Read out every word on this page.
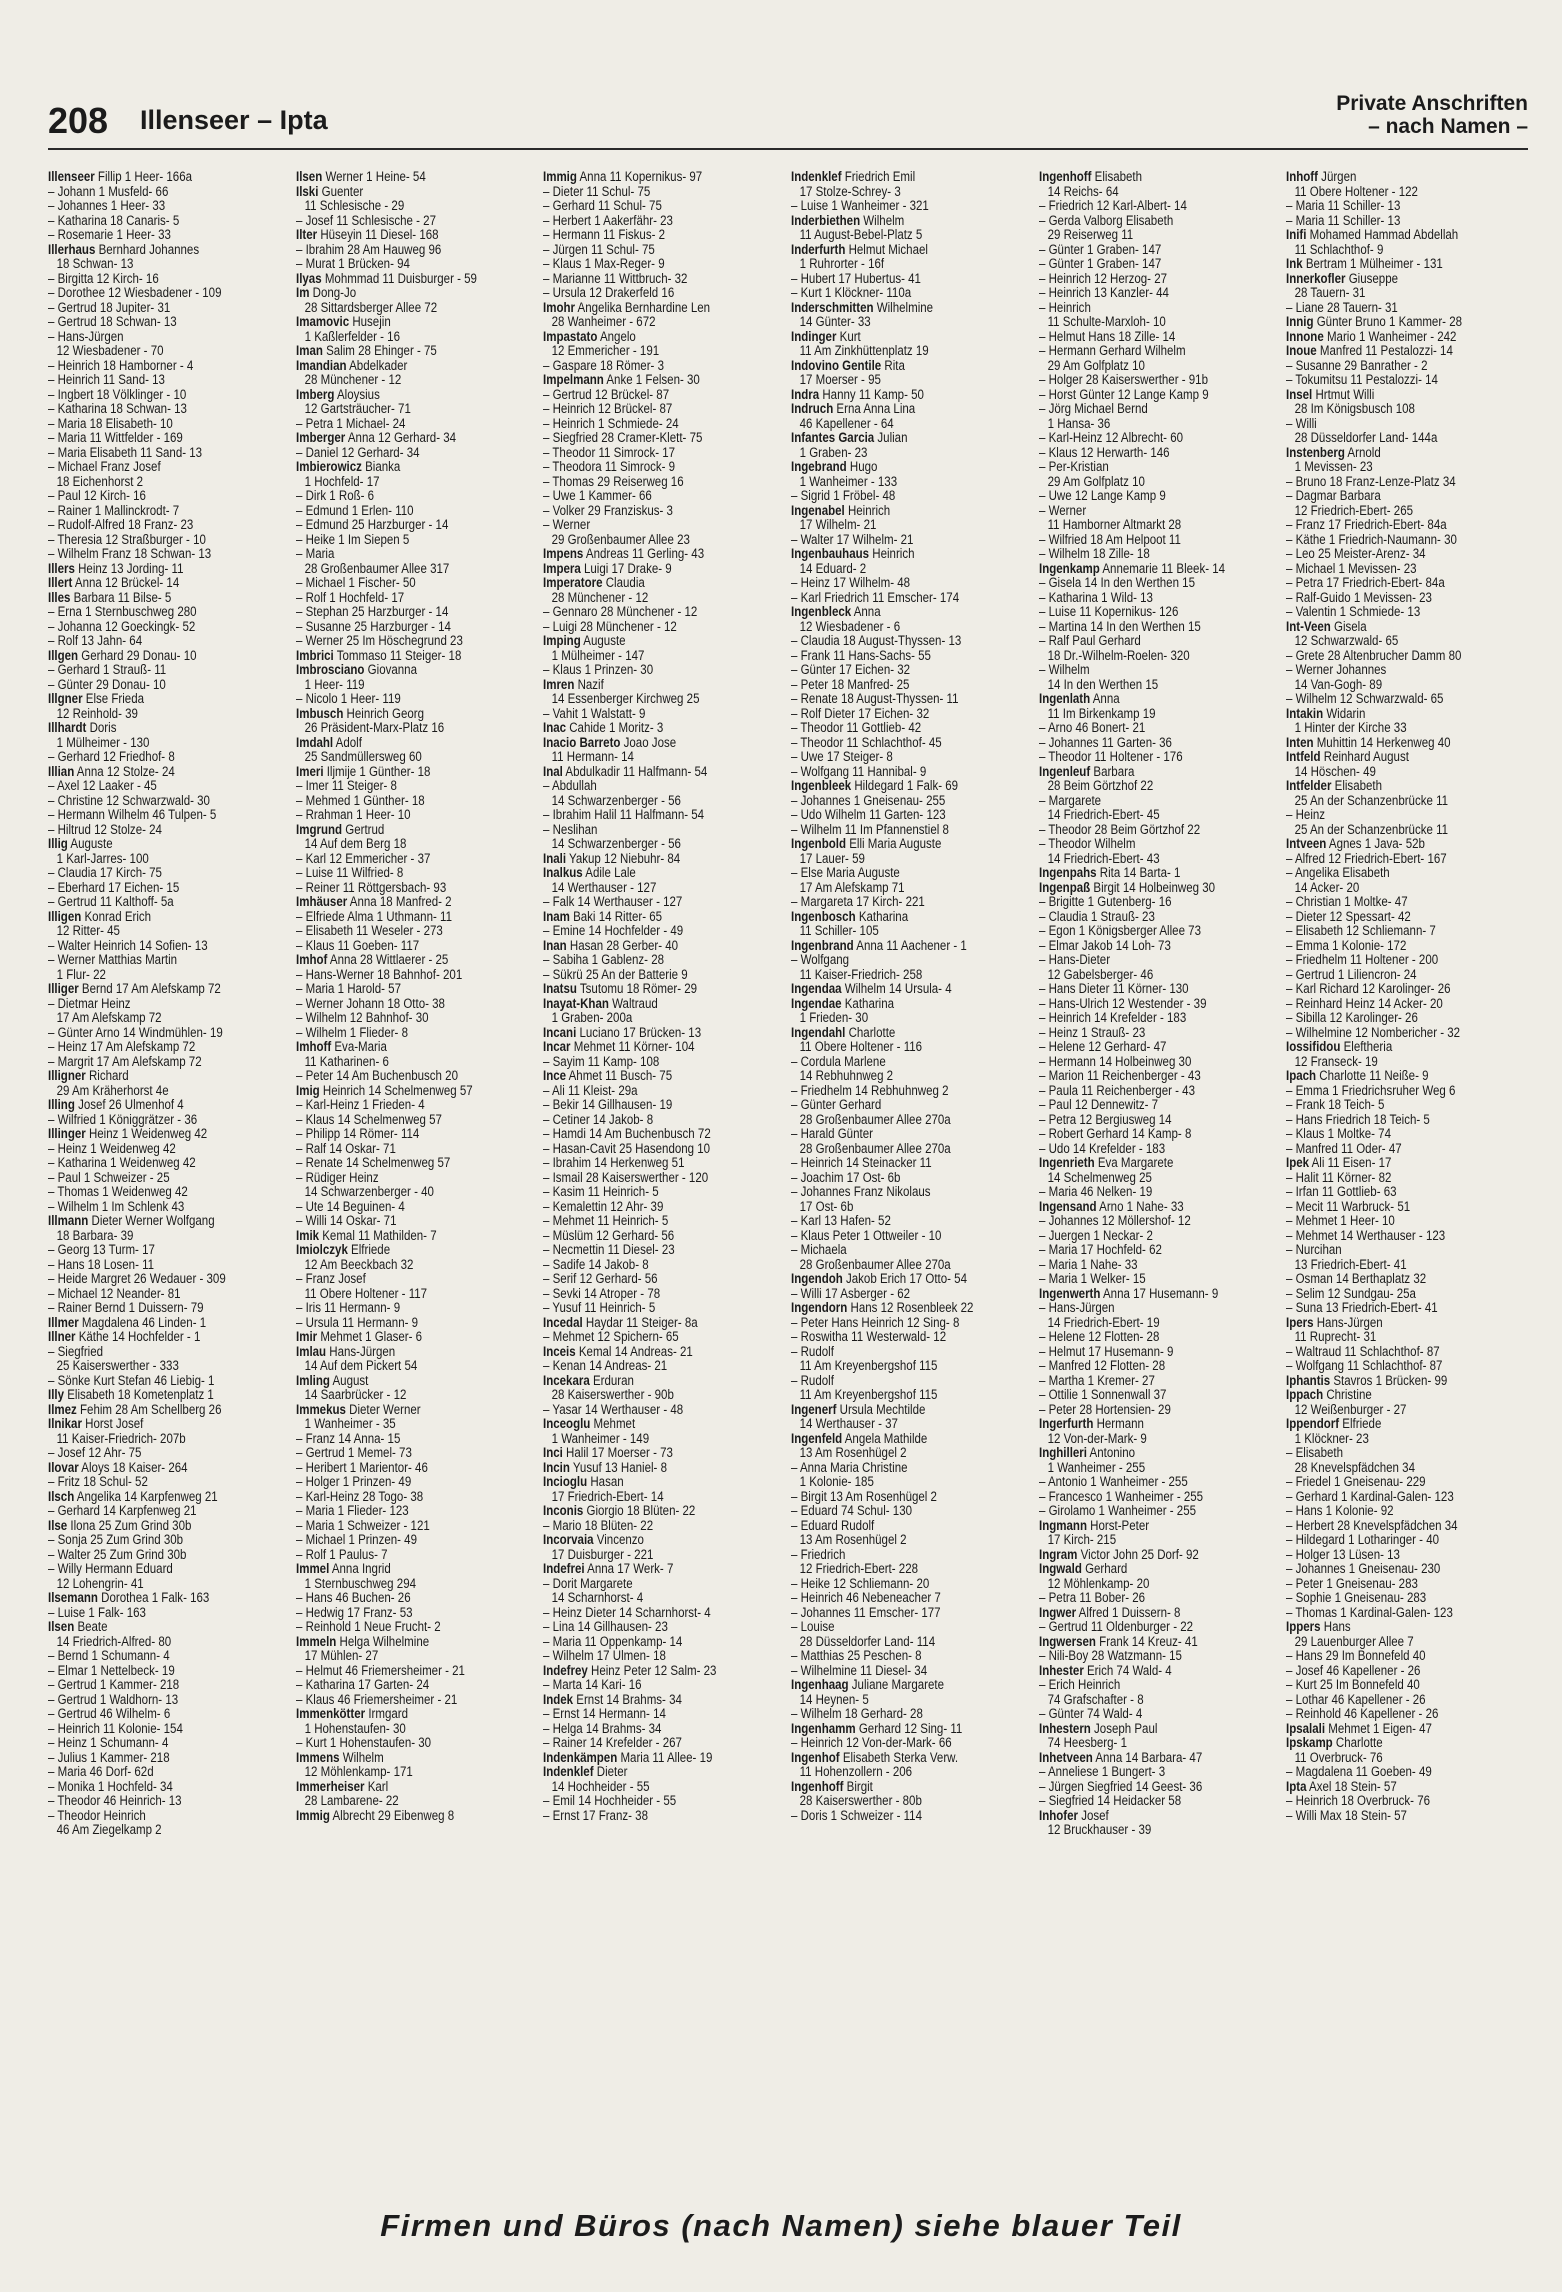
208 Illenseer – Ipta
Private Anschriften
– nach Namen –
Illenseer Fillip 1 Heer- 166a
– Johann 1 Musfeld- 66
– Johannes 1 Heer- 33
– Katharina 18 Canaris- 5
– Rosemarie 1 Heer- 33
Illerhaus Bernhard Johannes
18 Schwan- 13
– Birgitta 12 Kirch- 16
– Dorothee 12 Wiesbadener - 109
– Gertrud 18 Jupiter- 31
– Gertrud 18 Schwan- 13
– Hans-Jürgen
12 Wiesbadener - 70
– Heinrich 18 Hamborner - 4
– Heinrich 11 Sand- 13
– Ingbert 18 Völklinger - 10
– Katharina 18 Schwan- 13
– Maria 18 Elisabeth- 10
– Maria 11 Wittfelder - 169
– Maria Elisabeth 11 Sand- 13
– Michael Franz Josef
18 Eichenhorst 2
– Paul 12 Kirch- 16
– Rainer 1 Mallinckrodt- 7
– Rudolf-Alfred 18 Franz- 23
– Theresia 12 Straßburger - 10
– Wilhelm Franz 18 Schwan- 13
Illers Heinz 13 Jording- 11
Illert Anna 12 Brückel- 14
Illes Barbara 11 Bilse- 5
– Erna 1 Sternbuschweg 280
– Johanna 12 Goeckingk- 52
– Rolf 13 Jahn- 64
Illgen Gerhard 29 Donau- 10
– Gerhard 1 Strauß- 11
– Günter 29 Donau- 10
Illgner Else Frieda
12 Reinhold- 39
Illhardt Doris
1 Mülheimer - 130
– Gerhard 12 Friedhof- 8
Illian Anna 12 Stolze- 24
– Axel 12 Laaker - 45
– Christine 12 Schwarzwald- 30
– Hermann Wilhelm 46 Tulpen- 5
– Hiltrud 12 Stolze- 24
Illig Auguste
1 Karl-Jarres- 100
– Claudia 17 Kirch- 75
– Eberhard 17 Eichen- 15
– Gertrud 11 Kalthoff- 5a
Illigen Konrad Erich
12 Ritter- 45
– Walter Heinrich 14 Sofien- 13
– Werner Matthias Martin
1 Flur- 22
Illiger Bernd 17 Am Alefskamp 72
– Dietmar Heinz
17 Am Alefskamp 72
– Günter Arno 14 Windmühlen- 19
– Heinz 17 Am Alefskamp 72
– Margrit 17 Am Alefskamp 72
Illigner Richard
29 Am Kräherhorst 4e
Illing Josef 26 Ulmenhof 4
– Wilfried 1 Königgrätzer - 36
Illinger Heinz 1 Weidenweg 42
– Heinz 1 Weidenweg 42
– Katharina 1 Weidenweg 42
– Paul 1 Schweizer - 25
– Thomas 1 Weidenweg 42
– Wilhelm 1 Im Schlenk 43
Illmann Dieter Werner Wolfgang
18 Barbara- 39
– Georg 13 Turm- 17
– Hans 18 Losen- 11
– Heide Margret 26 Wedauer - 309
– Michael 12 Neander- 81
– Rainer Bernd 1 Duissern- 79
Illmer Magdalena 46 Linden- 1
Illner Käthe 14 Hochfelder - 1
– Siegfried
25 Kaiserswerther - 333
– Sönke Kurt Stefan 46 Liebig- 1
Illy Elisabeth 18 Kometenplatz 1
Ilmez Fehim 28 Am Schellberg 26
Ilnikar Horst Josef
11 Kaiser-Friedrich- 207b
– Josef 12 Ahr- 75
Ilovar Aloys 18 Kaiser- 264
– Fritz 18 Schul- 52
Ilsch Angelika 14 Karpfenweg 21
– Gerhard 14 Karpfenweg 21
Ilse Ilona 25 Zum Grind 30b
– Sonja 25 Zum Grind 30b
– Walter 25 Zum Grind 30b
– Willy Hermann Eduard
12 Lohengrin- 41
Ilsemann Dorothea 1 Falk- 163
– Luise 1 Falk- 163
Ilsen Beate
14 Friedrich-Alfred- 80
– Bernd 1 Schumann- 4
– Elmar 1 Nettelbeck- 19
– Gertrud 1 Kammer- 218
– Gertrud 1 Waldhorn- 13
– Gertrud 46 Wilhelm- 6
– Heinrich 11 Kolonie- 154
– Heinz 1 Schumann- 4
– Julius 1 Kammer- 218
– Maria 46 Dorf- 62d
– Monika 1 Hochfeld- 34
– Theodor 46 Heinrich- 13
– Theodor Heinrich
46 Am Ziegelkamp 2
Ilsen Werner 1 Heine- 54
Ilski Guenter
11 Schlesische - 29
– Josef 11 Schlesische - 27
Ilter Hüseyin 11 Diesel- 168
– Ibrahim 28 Am Hauweg 96
– Murat 1 Brücken- 94
Ilyas Mohmmad 11 Duisburger - 59
Im Dong-Jo
28 Sittardsberger Allee 72
Imamovic Husejin
1 Kaßlerfelder - 16
Iman Salim 28 Ehinger - 75
Imandian Abdelkader
28 Münchener - 12
Imberg Aloysius
12 Gartsträucher- 71
– Petra 1 Michael- 24
Imberger Anna 12 Gerhard- 34
– Daniel 12 Gerhard- 34
Imbierowicz Bianka
1 Hochfeld- 17
– Dirk 1 Roß- 6
– Edmund 1 Erlen- 110
– Edmund 25 Harzburger - 14
– Heike 1 Im Siepen 5
– Maria
28 Großenbaumer Allee 317
– Michael 1 Fischer- 50
– Rolf 1 Hochfeld- 17
– Stephan 25 Harzburger - 14
– Susanne 25 Harzburger - 14
– Werner 25 Im Höschegrund 23
Imbrici Tommaso 11 Steiger- 18
Imbrosciano Giovanna
1 Heer- 119
– Nicolo 1 Heer- 119
Imbusch Heinrich Georg
26 Präsident-Marx-Platz 16
Imdahl Adolf
25 Sandmüllersweg 60
Imeri Iljmije 1 Günther- 18
– Imer 11 Steiger- 8
– Mehmed 1 Günther- 18
– Rrahman 1 Heer- 10
Imgrund Gertrud
14 Auf dem Berg 18
– Karl 12 Emmericher - 37
– Luise 11 Wilfried- 8
– Reiner 11 Röttgersbach- 93
Imhäuser Anna 18 Manfred- 2
– Elfriede Alma 1 Uthmann- 11
– Elisabeth 11 Weseler - 273
– Klaus 11 Goeben- 117
Imhof Anna 28 Wittlaerer - 25
– Hans-Werner 18 Bahnhof- 201
– Maria 1 Harold- 57
– Werner Johann 18 Otto- 38
– Wilhelm 12 Bahnhof- 30
– Wilhelm 1 Flieder- 8
Imhoff Eva-Maria
11 Katharinen- 6
– Peter 14 Am Buchenbusch 20
Imig Heinrich 14 Schelmenweg 57
– Karl-Heinz 1 Frieden- 4
– Klaus 14 Schelmenweg 57
– Philipp 14 Römer- 114
– Ralf 14 Oskar- 71
– Renate 14 Schelmenweg 57
– Rüdiger Heinz
14 Schwarzenberger - 40
– Ute 14 Beguinen- 4
– Willi 14 Oskar- 71
Imik Kemal 11 Mathilden- 7
Imiolczyk Elfriede
12 Am Beeckbach 32
– Franz Josef
11 Obere Holtener - 117
– Iris 11 Hermann- 9
– Ursula 11 Hermann- 9
Imir Mehmet 1 Glaser- 6
Imlau Hans-Jürgen
14 Auf dem Pickert 54
Imling August
14 Saarbrücker - 12
Immekus Dieter Werner
1 Wanheimer - 35
– Franz 14 Anna- 15
– Gertrud 1 Memel- 73
– Heribert 1 Marientor- 46
– Holger 1 Prinzen- 49
– Karl-Heinz 28 Togo- 38
– Maria 1 Flieder- 123
– Maria 1 Schweizer - 121
– Michael 1 Prinzen- 49
– Rolf 1 Paulus- 7
Immel Anna Ingrid
1 Sternbuschweg 294
– Hans 46 Buchen- 26
– Hedwig 17 Franz- 53
– Reinhold 1 Neue Frucht- 2
Immeln Helga Wilhelmine
17 Mühlen- 27
– Helmut 46 Friemersheimer - 21
– Katharina 17 Garten- 24
– Klaus 46 Friemersheimer - 21
Immenkötter Irmgard
1 Hohenstaufen- 30
– Kurt 1 Hohenstaufen- 30
Immens Wilhelm
12 Möhlenkamp- 171
Immerheiser Karl
28 Lambarene- 22
Immig Albrecht 29 Eibenweg 8
Immig Anna 11 Kopernikus- 97
– Dieter 11 Schul- 75
– Gerhard 11 Schul- 75
– Herbert 1 Aakerfähr- 23
– Hermann 11 Fiskus- 2
– Jürgen 11 Schul- 75
– Klaus 1 Max-Reger- 9
– Marianne 11 Wittbruch- 32
– Ursula 12 Drakerfeld 16
Imohr Angelika Bernhardine Len
28 Wanheimer - 672
Impastato Angelo
12 Emmericher - 191
– Gaspare 18 Römer- 3
Impelmann Anke 1 Felsen- 30
– Gertrud 12 Brückel- 87
– Heinrich 12 Brückel- 87
– Heinrich 1 Schmiede- 24
– Siegfried 28 Cramer-Klett- 75
– Theodor 11 Simrock- 17
– Theodora 11 Simrock- 9
– Thomas 29 Reiserweg 16
– Uwe 1 Kammer- 66
– Volker 29 Franziskus- 3
– Werner
29 Großenbaumer Allee 23
Impens Andreas 11 Gerling- 43
Impera Luigi 17 Drake- 9
Imperatore Claudia
28 Münchener - 12
– Gennaro 28 Münchener - 12
– Luigi 28 Münchener - 12
Imping Auguste
1 Mülheimer - 147
– Klaus 1 Prinzen- 30
Imren Nazif
14 Essenberger Kirchweg 25
– Vahit 1 Walstatt- 9
Inac Cahide 1 Moritz- 3
Inacio Barreto Joao Jose
11 Hermann- 14
Inal Abdulkadir 11 Halfmann- 54
– Abdullah
14 Schwarzenberger - 56
– Ibrahim Halil 11 Halfmann- 54
– Neslihan
14 Schwarzenberger - 56
Inali Yakup 12 Niebuhr- 84
Inalkus Adile Lale
14 Werthauser - 127
– Falk 14 Werthauser - 127
Inam Baki 14 Ritter- 65
– Emine 14 Hochfelder - 49
Inan Hasan 28 Gerber- 40
– Sabiha 1 Gablenz- 28
– Sükrü 25 An der Batterie 9
Inatsu Tsutomu 18 Römer- 29
Inayat-Khan Waltraud
1 Graben- 200a
Incani Luciano 17 Brücken- 13
Incar Mehmet 11 Körner- 104
– Sayim 11 Kamp- 108
Ince Ahmet 11 Busch- 75
– Ali 11 Kleist- 29a
– Bekir 14 Gillhausen- 19
– Cetiner 14 Jakob- 8
– Hamdi 14 Am Buchenbusch 72
– Hasan-Cavit 25 Hasendong 10
– Ibrahim 14 Herkenweg 51
– Ismail 28 Kaiserswerther - 120
– Kasim 11 Heinrich- 5
– Kemalettin 12 Ahr- 39
– Mehmet 11 Heinrich- 5
– Müslüm 12 Gerhard- 56
– Necmettin 11 Diesel- 23
– Sadife 14 Jakob- 8
– Serif 12 Gerhard- 56
– Sevki 14 Atroper - 78
– Yusuf 11 Heinrich- 5
Incedal Haydar 11 Steiger- 8a
– Mehmet 12 Spichern- 65
Inceis Kemal 14 Andreas- 21
– Kenan 14 Andreas- 21
Incekara Erduran
28 Kaiserswerther - 90b
– Yasar 14 Werthauser - 48
Inceoglu Mehmet
1 Wanheimer - 149
Inci Halil 17 Moerser - 73
Incin Yusuf 13 Haniel- 8
Incioglu Hasan
17 Friedrich-Ebert- 14
Inconis Giorgio 18 Blüten- 22
– Mario 18 Blüten- 22
Incorvaia Vincenzo
17 Duisburger - 221
Indefrei Anna 17 Werk- 7
– Dorit Margarete
14 Scharnhorst- 4
– Heinz Dieter 14 Scharnhorst- 4
– Lina 14 Gillhausen- 23
– Maria 11 Oppenkamp- 14
– Wilhelm 17 Ulmen- 18
Indefrey Heinz Peter 12 Salm- 23
– Marta 14 Kari- 16
Indek Ernst 14 Brahms- 34
– Ernst 14 Hermann- 14
– Helga 14 Brahms- 34
– Rainer 14 Krefelder - 267
Indenkämpen Maria 11 Allee- 19
Indenklef Dieter
14 Hochheider - 55
– Emil 14 Hochheider - 55
– Ernst 17 Franz- 38
Indenklef Friedrich Emil
17 Stolze-Schrey- 3
– Luise 1 Wanheimer - 321
Inderbiethen Wilhelm
11 August-Bebel-Platz 5
Inderfurth Helmut Michael
1 Ruhrorter - 16f
– Hubert 17 Hubertus- 41
– Kurt 1 Klöckner- 110a
Inderschmitten Wilhelmine
14 Günter- 33
Indinger Kurt
11 Am Zinkhüttenplatz 19
Indovino Gentile Rita
17 Moerser - 95
Indra Hanny 11 Kamp- 50
Indruch Erna Anna Lina
46 Kapellener - 64
Infantes Garcia Julian
1 Graben- 23
Ingebrand Hugo
1 Wanheimer - 133
– Sigrid 1 Fröbel- 48
Ingenabel Heinrich
17 Wilhelm- 21
– Walter 17 Wilhelm- 21
Ingenbauhaus Heinrich
14 Eduard- 2
– Heinz 17 Wilhelm- 48
– Karl Friedrich 11 Emscher- 174
Ingenbleck Anna
12 Wiesbadener - 6
– Claudia 18 August-Thyssen- 13
– Frank 11 Hans-Sachs- 55
– Günter 17 Eichen- 32
– Peter 18 Manfred- 25
– Renate 18 August-Thyssen- 11
– Rolf Dieter 17 Eichen- 32
– Theodor 11 Gottlieb- 42
– Theodor 11 Schlachthof- 45
– Uwe 17 Steiger- 8
– Wolfgang 11 Hannibal- 9
Ingenbleek Hildegard 1 Falk- 69
– Johannes 1 Gneisenau- 255
– Udo Wilhelm 11 Garten- 123
– Wilhelm 11 Im Pfannenstiel 8
Ingenbold Elli Maria Auguste
17 Lauer- 59
– Else Maria Auguste
17 Am Alefskamp 71
– Margareta 17 Kirch- 221
Ingenbosch Katharina
11 Schiller- 105
Ingenbrand Anna 11 Aachener - 1
– Wolfgang
11 Kaiser-Friedrich- 258
Ingendaa Wilhelm 14 Ursula- 4
Ingendae Katharina
1 Frieden- 30
Ingendahl Charlotte
11 Obere Holtener - 116
– Cordula Marlene
14 Rebhuhnweg 2
– Friedhelm 14 Rebhuhnweg 2
– Günter Gerhard
28 Großenbaumer Allee 270a
– Harald Günter
28 Großenbaumer Allee 270a
– Heinrich 14 Steinacker 11
– Joachim 17 Ost- 6b
– Johannes Franz Nikolaus
17 Ost- 6b
– Karl 13 Hafen- 52
– Klaus Peter 1 Ottweiler - 10
– Michaela
28 Großenbaumer Allee 270a
Ingendoh Jakob Erich 17 Otto- 54
– Willi 17 Asberger - 62
Ingendorn Hans 12 Rosenbleek 22
– Peter Hans Heinrich 12 Sing- 8
– Roswitha 11 Westerwald- 12
– Rudolf
11 Am Kreyenbergshof 115
– Rudolf
11 Am Kreyenbergshof 115
Ingenerf Ursula Mechtilde
14 Werthauser - 37
Ingenfeld Angela Mathilde
13 Am Rosenhügel 2
– Anna Maria Christine
1 Kolonie- 185
– Birgit 13 Am Rosenhügel 2
– Eduard 74 Schul- 130
– Eduard Rudolf
13 Am Rosenhügel 2
– Friedrich
12 Friedrich-Ebert- 228
– Heike 12 Schliemann- 20
– Heinrich 46 Nebeneacher 7
– Johannes 11 Emscher- 177
– Louise
28 Düsseldorfer Land- 114
– Matthias 25 Peschen- 8
– Wilhelmine 11 Diesel- 34
Ingenhaag Juliane Margarete
14 Heynen- 5
– Wilhelm 18 Gerhard- 28
Ingenhamm Gerhard 12 Sing- 11
– Heinrich 12 Von-der-Mark- 66
Ingenhof Elisabeth Sterka Verw.
11 Hohenzollern - 206
Ingenhoff Birgit
28 Kaiserswerther - 80b
– Doris 1 Schweizer - 114
Ingenhoff Elisabeth
14 Reichs- 64
– Friedrich 12 Karl-Albert- 14
– Gerda Valborg Elisabeth
29 Reiserweg 11
– Günter 1 Graben- 147
– Günter 1 Graben- 147
– Heinrich 12 Herzog- 27
– Heinrich 13 Kanzler- 44
– Heinrich
11 Schulte-Marxloh- 10
– Helmut Hans 18 Zille- 14
– Hermann Gerhard Wilhelm
29 Am Golfplatz 10
– Holger 28 Kaiserswerther - 91b
– Horst Günter 12 Lange Kamp 9
– Jörg Michael Bernd
1 Hansa- 36
– Karl-Heinz 12 Albrecht- 60
– Klaus 12 Herwarth- 146
– Per-Kristian
29 Am Golfplatz 10
– Uwe 12 Lange Kamp 9
– Werner
11 Hamborner Altmarkt 28
– Wilfried 18 Am Helpoot 11
– Wilhelm 18 Zille- 18
Ingenkamp Annemarie 11 Bleek- 14
– Gisela 14 In den Werthen 15
– Katharina 1 Wild- 13
– Luise 11 Kopernikus- 126
– Martina 14 In den Werthen 15
– Ralf Paul Gerhard
18 Dr.-Wilhelm-Roelen- 320
– Wilhelm
14 In den Werthen 15
Ingenlath Anna
11 Im Birkenkamp 19
– Arno 46 Bonert- 21
– Johannes 11 Garten- 36
– Theodor 11 Holtener - 176
Ingenleuf Barbara
28 Beim Görtzhof 22
– Margarete
14 Friedrich-Ebert- 45
– Theodor 28 Beim Görtzhof 22
– Theodor Wilhelm
14 Friedrich-Ebert- 43
Ingenpahs Rita 14 Barta- 1
Ingenpaß Birgit 14 Holbeinweg 30
– Brigitte 1 Gutenberg- 16
– Claudia 1 Strauß- 23
– Egon 1 Königsberger Allee 73
– Elmar Jakob 14 Loh- 73
– Hans-Dieter
12 Gabelsberger- 46
– Hans Dieter 11 Körner- 130
– Hans-Ulrich 12 Westender - 39
– Heinrich 14 Krefelder - 183
– Heinz 1 Strauß- 23
– Helene 12 Gerhard- 47
– Hermann 14 Holbeinweg 30
– Marion 11 Reichenberger - 43
– Paula 11 Reichenberger - 43
– Paul 12 Dennewitz- 7
– Petra 12 Bergiusweg 14
– Robert Gerhard 14 Kamp- 8
– Udo 14 Krefelder - 183
Ingenrieth Eva Margarete
14 Schelmenweg 25
– Maria 46 Nelken- 19
Ingensand Arno 1 Nahe- 33
– Johannes 12 Möllershof- 12
– Juergen 1 Neckar- 2
– Maria 17 Hochfeld- 62
– Maria 1 Nahe- 33
– Maria 1 Welker- 15
Ingenwerth Anna 17 Husemann- 9
– Hans-Jürgen
14 Friedrich-Ebert- 19
– Helene 12 Flotten- 28
– Helmut 17 Husemann- 9
– Manfred 12 Flotten- 28
– Martha 1 Kremer- 27
– Ottilie 1 Sonnenwall 37
– Peter 28 Hortensien- 29
Ingerfurth Hermann
12 Von-der-Mark- 9
Inghilleri Antonino
1 Wanheimer - 255
– Antonio 1 Wanheimer - 255
– Francesco 1 Wanheimer - 255
– Girolamo 1 Wanheimer - 255
Ingmann Horst-Peter
17 Kirch- 215
Ingram Victor John 25 Dorf- 92
Ingwald Gerhard
12 Möhlenkamp- 20
– Petra 11 Bober- 26
Ingwer Alfred 1 Duissern- 8
– Gertrud 11 Oldenburger - 22
Ingwersen Frank 14 Kreuz- 41
– Nili-Boy 28 Watzmann- 15
Inhester Erich 74 Wald- 4
– Erich Heinrich
74 Grafschafter - 8
– Günter 74 Wald- 4
Inhestern Joseph Paul
74 Heesberg- 1
Inhetveen Anna 14 Barbara- 47
– Anneliese 1 Bungert- 3
– Jürgen Siegfried 14 Geest- 36
– Siegfried 14 Heidacker 58
Inhofer Josef
12 Bruckhauser - 39
Inhoff Jürgen
11 Obere Holtener - 122
– Maria 11 Schiller- 13
– Maria 11 Schiller- 13
Inifi Mohamed Hammad Abdellah
11 Schlachthof- 9
Ink Bertram 1 Mülheimer - 131
Innerkofler Giuseppe
28 Tauern- 31
– Liane 28 Tauern- 31
Innig Günter Bruno 1 Kammer- 28
Innone Mario 1 Wanheimer - 242
Inoue Manfred 11 Pestalozzi- 14
– Susanne 29 Banrather - 2
– Tokumitsu 11 Pestalozzi- 14
Insel Hrtmut Willi
28 Im Königsbusch 108
– Willi
28 Düsseldorfer Land- 144a
Instenberg Arnold
1 Mevissen- 23
– Bruno 18 Franz-Lenze-Platz 34
– Dagmar Barbara
12 Friedrich-Ebert- 265
– Franz 17 Friedrich-Ebert- 84a
– Käthe 1 Friedrich-Naumann- 30
– Leo 25 Meister-Arenz- 34
– Michael 1 Mevissen- 23
– Petra 17 Friedrich-Ebert- 84a
– Ralf-Guido 1 Mevissen- 23
– Valentin 1 Schmiede- 13
Int-Veen Gisela
12 Schwarzwald- 65
– Grete 28 Altenbrucher Damm 80
– Werner Johannes
14 Van-Gogh- 89
– Wilhelm 12 Schwarzwald- 65
Intakin Widarin
1 Hinter der Kirche 33
Inten Muhittin 14 Herkenweg 40
Intfeld Reinhard August
14 Höschen- 49
Intfelder Elisabeth
25 An der Schanzenbrücke 11
– Heinz
25 An der Schanzenbrücke 11
Intveen Agnes 1 Java- 52b
– Alfred 12 Friedrich-Ebert- 167
– Angelika Elisabeth
14 Acker- 20
– Christian 1 Moltke- 47
– Dieter 12 Spessart- 42
– Elisabeth 12 Schliemann- 7
– Emma 1 Kolonie- 172
– Friedhelm 11 Holtener - 200
– Gertrud 1 Liliencron- 24
– Karl Richard 12 Karolinger- 26
– Reinhard Heinz 14 Acker- 20
– Sibilla 12 Karolinger- 26
– Wilhelmine 12 Nombericher - 32
Iossifidou Eleftheria
12 Franseck- 19
Ipach Charlotte 11 Neiße- 9
– Emma 1 Friedrichsruher Weg 6
– Frank 18 Teich- 5
– Hans Friedrich 18 Teich- 5
– Klaus 1 Moltke- 74
– Manfred 11 Oder- 47
Ipek Ali 11 Eisen- 17
– Halit 11 Körner- 82
– Irfan 11 Gottlieb- 63
– Mecit 11 Warbruck- 51
– Mehmet 1 Heer- 10
– Mehmet 14 Werthauser - 123
– Nurcihan
13 Friedrich-Ebert- 41
– Osman 14 Berthaplatz 32
– Selim 12 Sundgau- 25a
– Suna 13 Friedrich-Ebert- 41
Ipers Hans-Jürgen
11 Ruprecht- 31
– Waltraud 11 Schlachthof- 87
– Wolfgang 11 Schlachthof- 87
Iphantis Stavros 1 Brücken- 99
Ippach Christine
12 Weißenburger - 27
Ippendorf Elfriede
1 Klöckner- 23
– Elisabeth
28 Knevelspfädchen 34
– Friedel 1 Gneisenau- 229
– Gerhard 1 Kardinal-Galen- 123
– Hans 1 Kolonie- 92
– Herbert 28 Knevelspfädchen 34
– Hildegard 1 Lotharinger - 40
– Holger 13 Lüsen- 13
– Johannes 1 Gneisenau- 230
– Peter 1 Gneisenau- 283
– Sophie 1 Gneisenau- 283
– Thomas 1 Kardinal-Galen- 123
Ippers Hans
29 Lauenburger Allee 7
– Hans 29 Im Bonnefeld 40
– Josef 46 Kapellener - 26
– Kurt 25 Im Bonnefeld 40
– Lothar 46 Kapellener - 26
– Reinhold 46 Kapellener - 26
Ipsalali Mehmet 1 Eigen- 47
Ipskamp Charlotte
11 Overbruck- 76
– Magdalena 11 Goeben- 49
Ipta Axel 18 Stein- 57
– Heinrich 18 Overbruck- 76
– Willi Max 18 Stein- 57
Firmen und Büros (nach Namen) siehe blauer Teil
